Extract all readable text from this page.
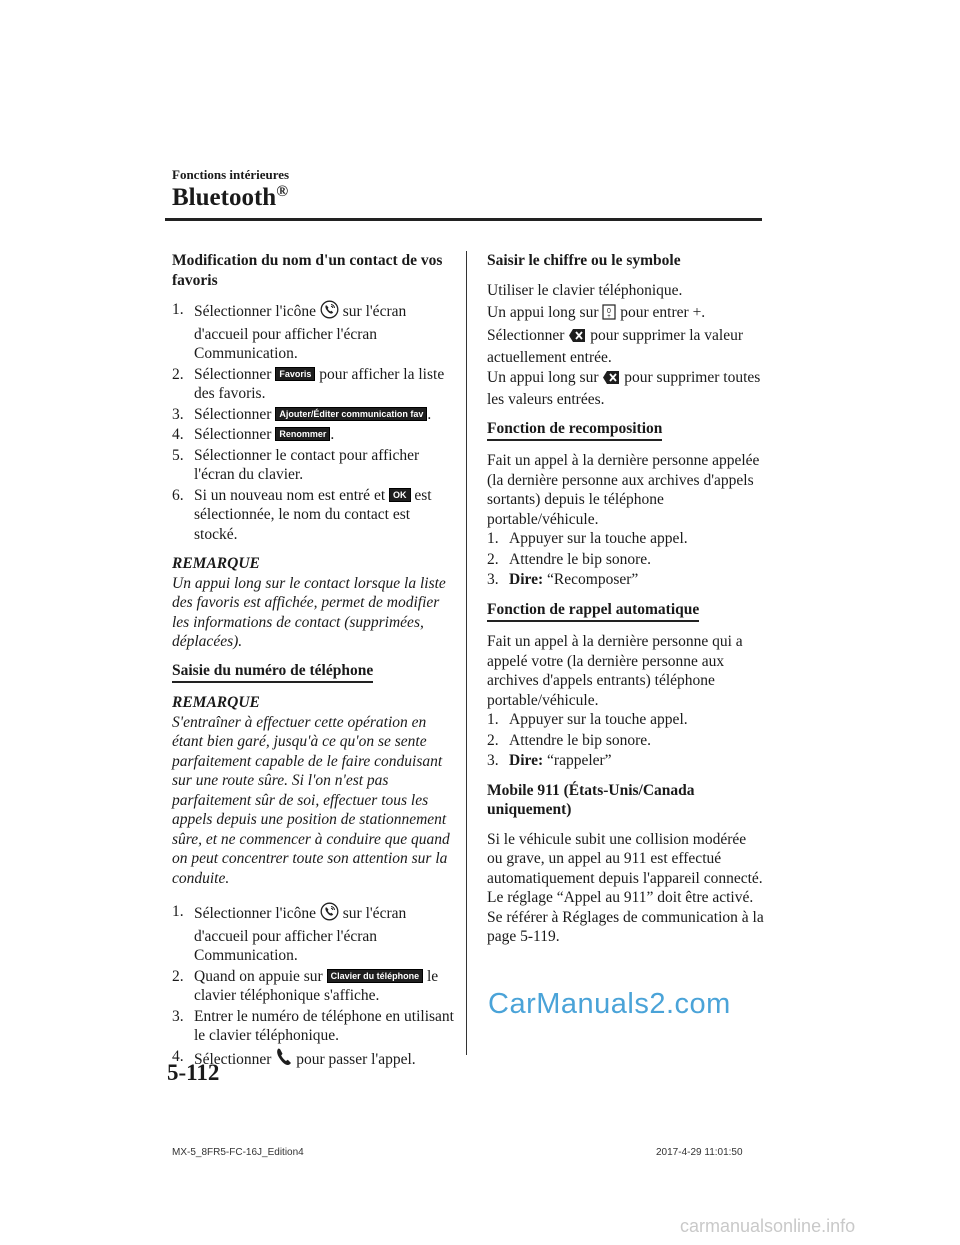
Fonctions intérieures
Bluetooth®
Modification du nom d'un contact de vos favoris
1. Sélectionner l'icône sur l'écran d'accueil pour afficher l'écran Communication.
2. Sélectionner Favoris pour afficher la liste des favoris.
3. Sélectionner Ajouter/Éditer communication fav .
4. Sélectionner Renommer .
5. Sélectionner le contact pour afficher l'écran du clavier.
6. Si un nouveau nom est entré et OK est sélectionnée, le nom du contact est stocké.
REMARQUE
Un appui long sur le contact lorsque la liste des favoris est affichée, permet de modifier les informations de contact (supprimées, déplacées).
Saisie du numéro de téléphone
REMARQUE
S'entraîner à effectuer cette opération en étant bien garé, jusqu'à ce qu'on se sente parfaitement capable de le faire conduisant sur une route sûre. Si l'on n'est pas parfaitement sûr de soi, effectuer tous les appels depuis une position de stationnement sûre, et ne commencer à conduire que quand on peut concentrer toute son attention sur la conduite.
1. Sélectionner l'icône sur l'écran d'accueil pour afficher l'écran Communication.
2. Quand on appuie sur Clavier du téléphone le clavier téléphonique s'affiche.
3. Entrer le numéro de téléphone en utilisant le clavier téléphonique.
4. Sélectionner pour passer l'appel.
Saisir le chiffre ou le symbole
Utiliser le clavier téléphonique.
Un appui long sur 0
+ pour entrer +.
Sélectionner pour supprimer la valeur actuellement entrée.
Un appui long sur pour supprimer toutes les valeurs entrées.
Fonction de recomposition
Fait un appel à la dernière personne appelée (la dernière personne aux archives d'appels sortants) depuis le téléphone portable/véhicule.
1. Appuyer sur la touche appel.
2. Attendre le bip sonore.
3. Dire: “Recomposer”
Fonction de rappel automatique
Fait un appel à la dernière personne qui a appelé votre (la dernière personne aux archives d'appels entrants) téléphone portable/véhicule.
1. Appuyer sur la touche appel.
2. Attendre le bip sonore.
3. Dire: “rappeler”
Mobile 911 (États-Unis/Canada uniquement)
Si le véhicule subit une collision modérée ou grave, un appel au 911 est effectué automatiquement depuis l'appareil connecté. Le réglage “Appel au 911” doit être activé.
Se référer à Réglages de communication à la page 5-119.
CarManuals2.com
5-112
MX-5_8FR5-FC-16J_Edition4	2017-4-29 11:01:50
carmanualsonline.info
